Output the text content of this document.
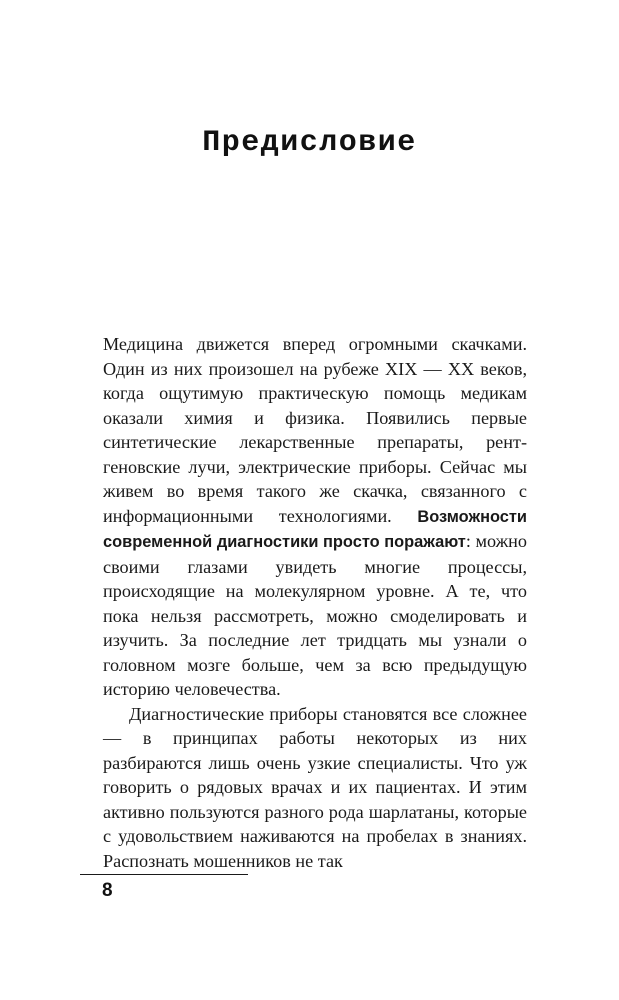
Предисловие

Медицина движется вперед огромными скачками. Один из них произошел на рубеже XIX — XX веков, когда ощутимую практическую помощь медикам оказали химия и физика. Появились первые синтетические лекарственные препараты, рентгеновские лучи, электрические приборы. Сейчас мы живем во время такого же скачка, связанного с информационными технологиями. Возможности современной диагностики просто поражают: можно своими глазами увидеть многие процессы, происходящие на молекулярном уровне. А те, что пока нельзя рассмотреть, можно смоделировать и изучить. За последние лет тридцать мы узнали о головном мозге больше, чем за всю предыдущую историю человечества.

Диагностические приборы становятся все сложнее — в принципах работы некоторых из них разбираются лишь очень узкие специалисты. Что уж говорить о рядовых врачах и их пациентах. И этим активно пользуются разного рода шарлатаны, которые с удовольствием наживаются на пробелах в знаниях. Распознать мошенников не так

8
